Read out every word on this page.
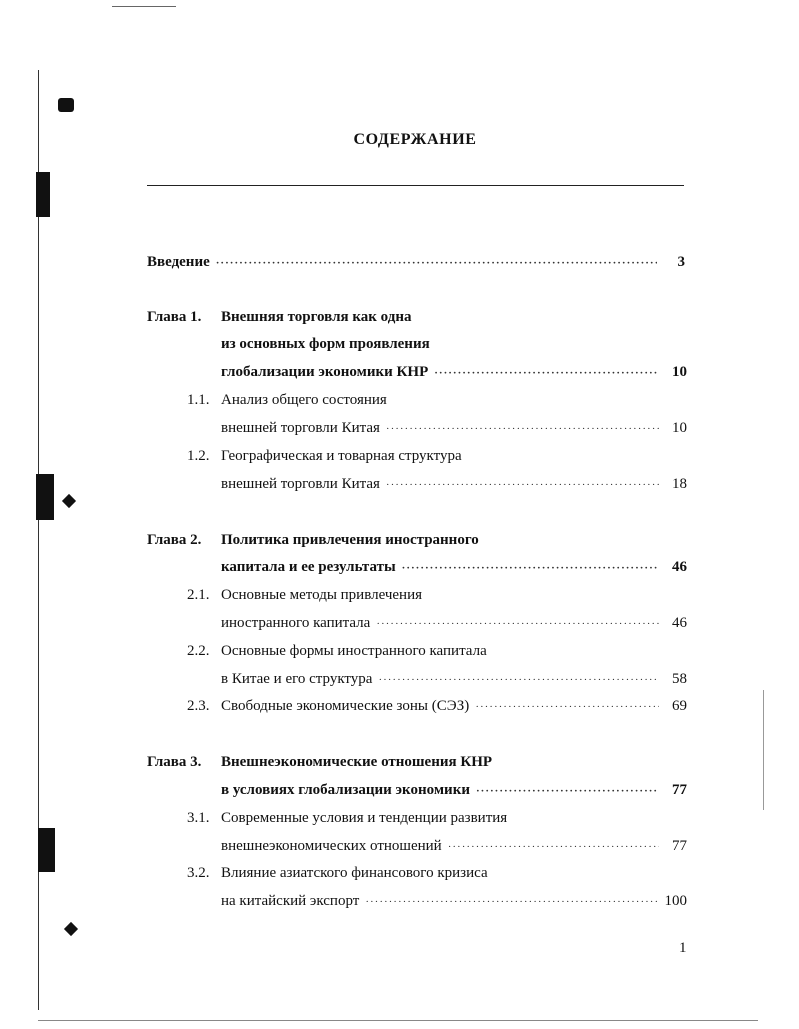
СОДЕРЖАНИЕ
Введение ·····	3
Глава 1.	Внешняя торговля как одна
из основных форм проявления
глобализации экономики КНР ·····	10
1.1. Анализ общего состояния
внешней торговли Китая ·····	10
1.2. Географическая и товарная структура
внешней торговли Китая ·····	18
Глава 2.	Политика привлечения иностранного
капитала и ее результаты ·····	46
2.1. Основные методы привлечения
иностранного капитала ·····	46
2.2. Основные формы иностранного капитала
в Китае и его структура ·····	58
2.3. Свободные экономические зоны (СЭЗ) ·····	69
Глава 3.	Внешнеэкономические отношения КНР
в условиях глобализации экономики ·····	77
3.1. Современные условия и тенденции развития
внешнеэкономических отношений ·····	77
3.2. Влияние азиатского финансового кризиса
на китайский экспорт ·····	100
1
